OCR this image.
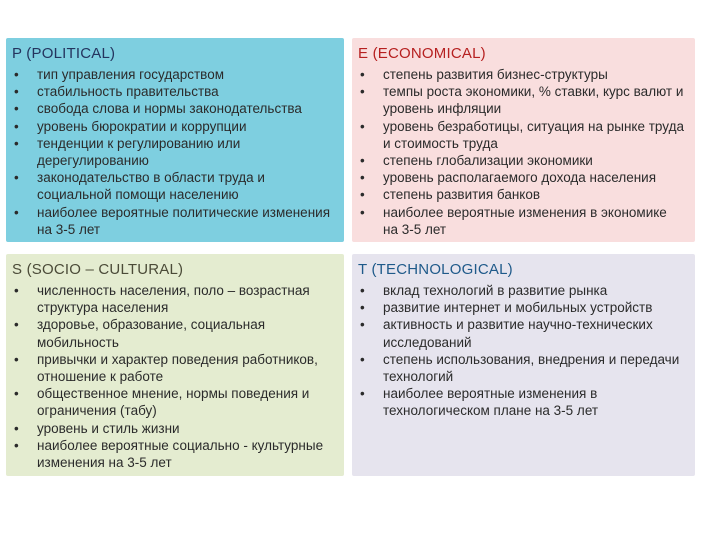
P (POLITICAL)
• тип управления государством
• стабильность правительства
• свобода слова и нормы законодательства
• уровень бюрократии и коррупции
• тенденции к регулированию или дерегулированию
• законодательство в области труда и социальной помощи населению
• наиболее вероятные политические изменения на 3-5 лет
E (ECONOMICAL)
• степень развития бизнес-структуры
• темпы роста экономики, % ставки, курс валют и уровень инфляции
• уровень безработицы, ситуация на рынке труда и стоимость труда
• степень глобализации экономики
• уровень располагаемого дохода населения
• степень развития банков
• наиболее вероятные изменения в экономике на 3-5 лет
S (SOCIO – CULTURAL)
• численность населения, поло – возрастная структура населения
• здоровье, образование, социальная мобильность
• привычки и характер поведения работников, отношение к работе
• общественное мнение, нормы поведения и ограничения (табу)
• уровень и стиль жизни
• наиболее вероятные социально - культурные изменения на 3-5 лет
T (TECHNOLOGICAL)
• вклад технологий в развитие рынка
• развитие интернет и мобильных устройств
• активность и развитие научно-технических исследований
• степень использования, внедрения и передачи технологий
• наиболее вероятные изменения в технологическом плане на 3-5 лет
